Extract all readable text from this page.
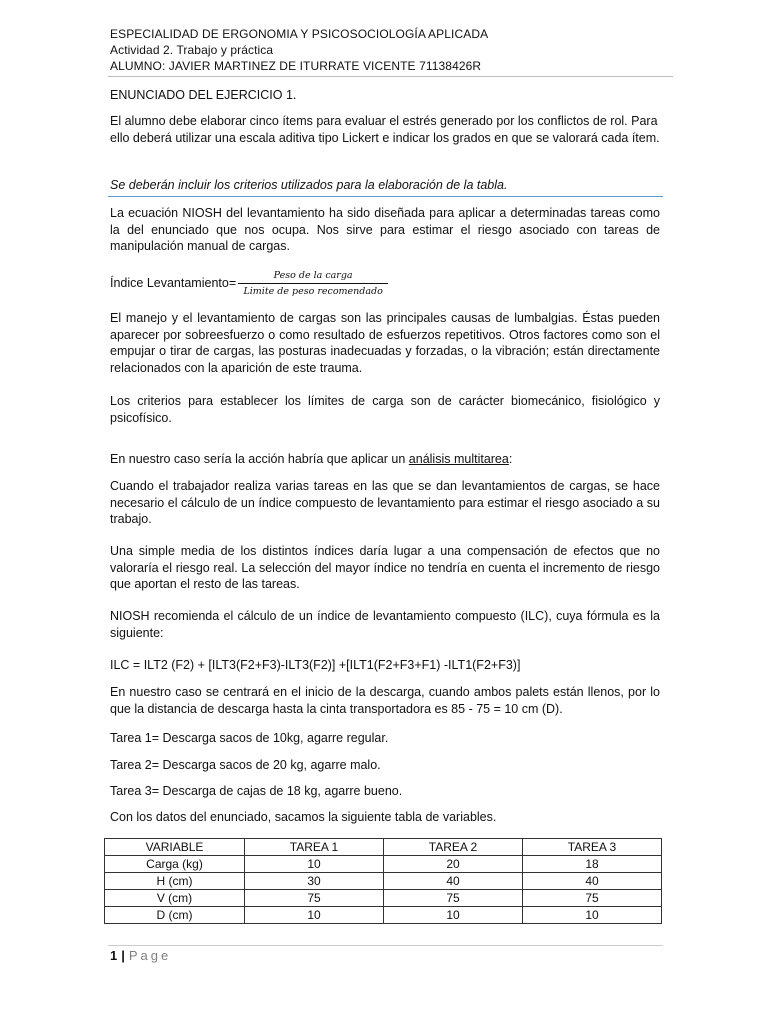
ESPECIALIDAD DE ERGONOMIA Y PSICOSOCIOLOGÍA APLICADA
Actividad 2. Trabajo y práctica
ALUMNO: JAVIER MARTINEZ DE ITURRATE VICENTE 71138426R
ENUNCIADO DEL EJERCICIO 1.
El alumno debe elaborar cinco ítems para evaluar el estrés generado por los conflictos de rol. Para ello deberá utilizar una escala aditiva tipo Lickert e indicar los grados en que se valorará cada ítem.
Se deberán incluir los criterios utilizados para la elaboración de la tabla.
La ecuación NIOSH del levantamiento ha sido diseñada para aplicar a determinadas tareas como la del enunciado que nos ocupa. Nos sirve para estimar el riesgo asociado con tareas de manipulación manual de cargas.
Índice Levantamiento= $\frac{\text{Peso de la carga}}{\text{Limite de peso recomendado}}$
El manejo y el levantamiento de cargas son las principales causas de lumbalgias. Éstas pueden aparecer por sobreesfuerzo o como resultado de esfuerzos repetitivos. Otros factores como son el empujar o tirar de cargas, las posturas inadecuadas y forzadas, o la vibración; están directamente relacionados con la aparición de este trauma.
Los criterios para establecer los límites de carga son de carácter biomecánico, fisiológico y psicofísico.
En nuestro caso sería la acción habría que aplicar un análisis multitarea:
Cuando el trabajador realiza varias tareas en las que se dan levantamientos de cargas, se hace necesario el cálculo de un índice compuesto de levantamiento para estimar el riesgo asociado a su trabajo.
Una simple media de los distintos índices daría lugar a una compensación de efectos que no valoraría el riesgo real. La selección del mayor índice no tendría en cuenta el incremento de riesgo que aportan el resto de las tareas.
NIOSH recomienda el cálculo de un índice de levantamiento compuesto (ILC), cuya fórmula es la siguiente:
ILC = ILT2 (F2) + [ILT3(F2+F3)-ILT3(F2)] +[ILT1(F2+F3+F1) -ILT1(F2+F3)]
En nuestro caso se centrará en el inicio de la descarga, cuando ambos palets están llenos, por lo que la distancia de descarga hasta la cinta transportadora es 85 - 75 = 10 cm (D).
Tarea 1= Descarga sacos de 10kg, agarre regular.
Tarea 2= Descarga sacos de 20 kg, agarre malo.
Tarea 3= Descarga de cajas de 18 kg, agarre bueno.
Con los datos del enunciado, sacamos la siguiente tabla de variables.
VARIABLE	TAREA 1	TAREA 2	TAREA 3
Carga (kg)	10	20	18
H (cm)	30	40	40
V (cm)	75	75	75
D (cm)	10	10	10
1 | Page
